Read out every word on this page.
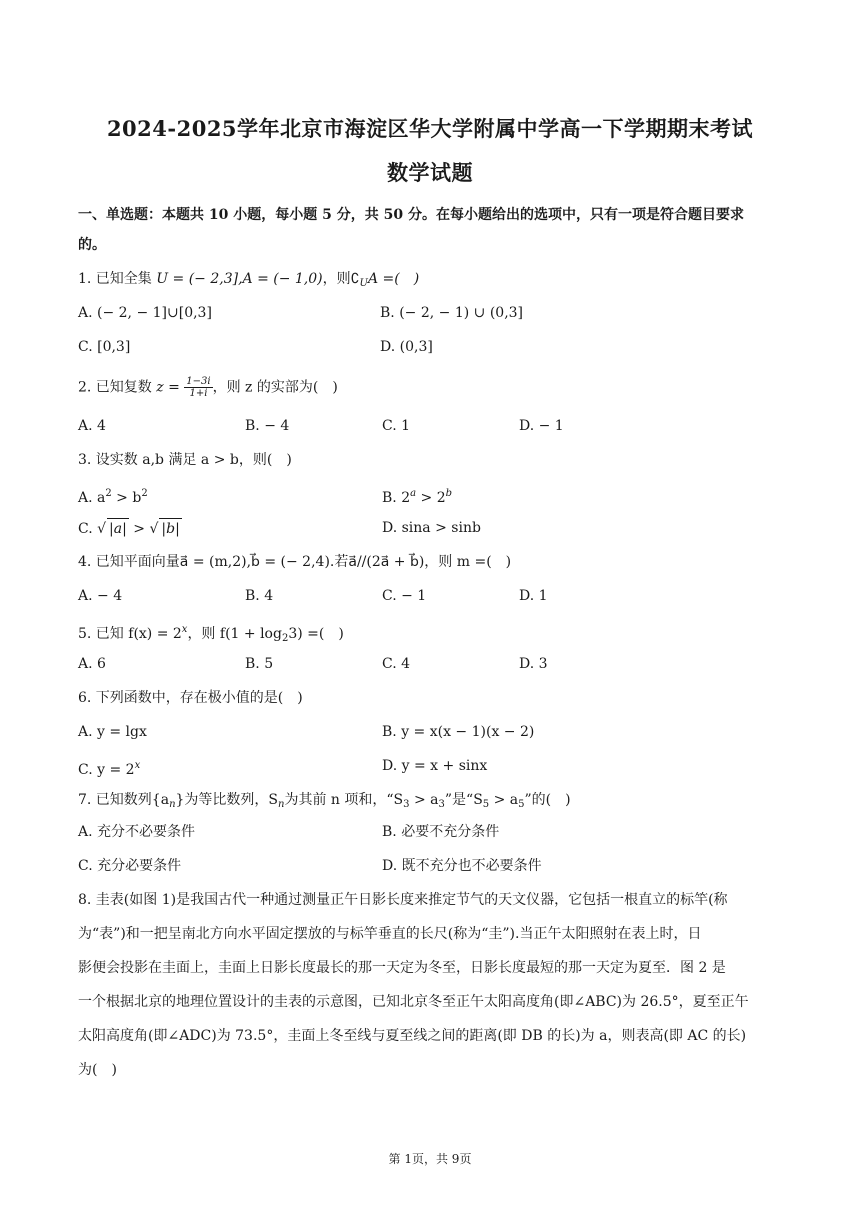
2024-2025学年北京市海淀区华大学附属中学高一下学期期末考试
数学试题
一、单选题：本题共 10 小题，每小题 5 分，共 50 分。在每小题给出的选项中，只有一项是符合题目要求
的。
1. 已知全集 U = (− 2,3],A = (− 1,0)，则$∁_UA$ =(　)
A. (− 2, − 1]∪[0,3]	B. (− 2, − 1) ∪ (0,3]
C. [0,3]	D. (0,3]
2. 已知复数 $z = \frac{1-3i}{1+i}$ ，则 z 的实部为(　)
A. 4	B. − 4	C. 1	D. − 1
3. 设实数 a,b 满足 a > b，则(　)
A. $a^2 > b^2$	B. $2^a > 2^b$
C. √ |a| > √ |b|	D. sina > sinb
4. 已知平面向量a⃗ = (m,2),b⃗ = (− 2,4).若a⃗//(2a⃗ + b⃗)，则 m =(　)
A. − 4	B. 4	C. − 1	D. 1
5. 已知 $f(x) = 2^x$，则 $f(1 + \log_23)$ =(　)
A. 6	B. 5	C. 4	D. 3
6. 下列函数中，存在极小值的是(　)
A. y = lgx	B. y = x(x − 1)(x − 2)
C. $y = 2^x$	D. y = x + sinx
7. 已知数列$\{a_n\}$为等比数列，$S_n$为其前 n 项和，“$S_3 > a_3$”是“$S_5 > a_5$”的(　)
A. 充分不必要条件	B. 必要不充分条件
C. 充分必要条件	D. 既不充分也不必要条件
8. 圭表(如图 1)是我国古代一种通过测量正午日影长度来推定节气的天文仪器，它包括一根直立的标竿(称
为“表”)和一把呈南北方向水平固定摆放的与标竿垂直的长尺(称为“圭”).当正午太阳照射在表上时，日
影便会投影在圭面上，圭面上日影长度最长的那一天定为冬至，日影长度最短的那一天定为夏至．图 2 是
一个根据北京的地理位置设计的圭表的示意图，已知北京冬至正午太阳高度角(即∠ABC)为 26.5°，夏至正午
太阳高度角(即∠ADC)为 73.5°，圭面上冬至线与夏至线之间的距离(即 DB 的长)为 a，则表高(即 AC 的长)
为(　)
第 1页，共 9页
